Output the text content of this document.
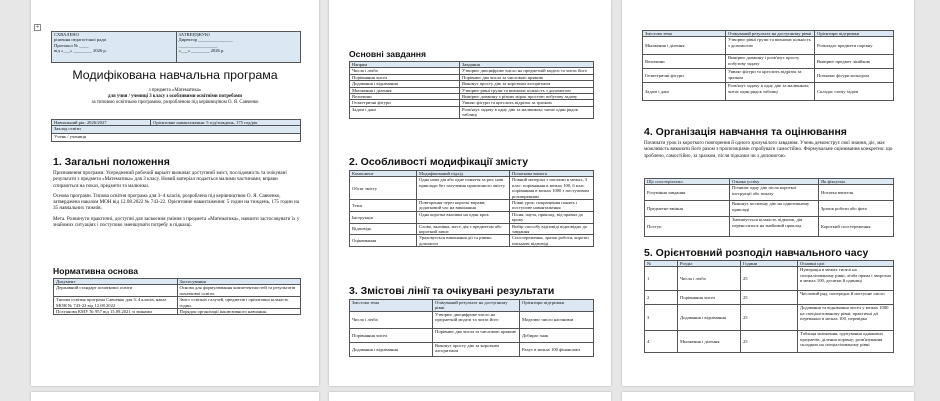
+
СХВАЛЕНО
рішення педагогічної ради
Протокол № ____
від «___» ________ 2026 р.

ЗАТВЕРДЖУЮ
Директор _______________
_________________
«___» ________ 2026 р.
Модифікована навчальна програма
з предмета «Математика»
для учня / учениці 3 класу з особливими освітніми потребами
за типовою освітньою програмою, розробленою під керівництвом О. Я. Савченко
Навчальний рік: 2026/2027	Орієнтовне навантаження: 5 год/тиждень, 175 год/рік
Заклад освіти
Учень / учениця
1. Загальні положення

Призначення програми. Усереднений робочий варіант визначає доступний зміст, послідовність та очікувані результати з предмета «Математика» для 3 класу. Новий матеріал подається малими частинами; вправи спираються на показ, предмети та малюнки.

Основа програми. Типова освітня програма для 3–4 класів, розроблена під керівництвом О. Я. Савченко, затверджена наказом МОН від 12.08.2022 № 743-22. Орієнтовне навантаження: 5 годин на тиждень, 175 годин на 35 навчальних тижнів.

Мета. Розвинути практичні, доступні для засвоєння уміння з предмета «Математика», навчити застосовувати їх у знайомих ситуаціях і поступово зменшувати потребу в підказці.

Нормативна основа
Документ	Застосування
Державний стандарт початкової освіти	Основа для формулювання компетентностей та результатів початкової освіти.
Типова освітня програма Савченко для 3–4 класів, наказ МОН № 743-22 від 12.08.2022	Зміст освітніх галузей, предметів і орієнтовна кількість годин.
Постанова КМУ № 957 від 15.09.2021 зі змінами	Порядок організації інклюзивного навчання.
Основні завдання
Напрям	Завдання
Числа і лічба	Утворює двоцифрове число на предметній моделі та читає його
Порівняння чисел	Порівнює два числа за числовою прямою
Додавання і віднімання	Виконує просту дію за коротким алгоритмом
Множення і ділення	Утворює рівні групи та визначає кількість з допомогою
Величини	Вимірює довжину з різних мірок простою побутову задачу
Геометричні фігури	Уявляє фігури та креслить відрізок за зразком
Задачі і дані	Розв'язує задачу в одну дію за малюнком; читає один рядок таблиці
2. Особливості модифікації змісту
Компонент	Модифікований підхід	Початкова вимога
Обсяг змісту	Одна нова дія або одне поняття за раз; нові приклади без залучення практичного змісту	Повний матеріал з числами в межах, 3 клас: порівняння в межах 100, 6 клас порівняння в межах 1000 з поступовим розширенням
Темп	Повторення через короткі вправи; додатковий час на виконання	Повні урок; покращення понять і поступове навантаження
Інструкція	Одна коротка вказівка на один крок	Пісня, пауза, приклад, від правил до кроку
Відповідь	Слово, вказівка, жест, дія з предметом або короткий запис	Вибір способу відповіді відповідно до завдання
Оцінювання	Ураховується виконання дії та рівень допомоги	Спостереження, зразок роботи, короткі письмові відповіді
3. Змістові лінії та очікувані результати
Змістова тема	Очікуваний результат на доступному рівні	Орієнтири підтримки
Числа і лічба	Утворює двоцифрове число на предметній моделі та читає його	Моделює число наочними
Порівняння чисел	Порівнює два числа за числовою прямою	Добирає знак
Додавання і віднімання	Виконує просту дію за коротким алгоритмом	Рахує в межах 100 фінансами
Змістова тема	Очікуваний результат на доступному рівні	Орієнтири підтримки
Множення і ділення	Утворює рівні групи та визначає кількість з допомогою	Розкладає предмети порівну
Величини	Вимірює довжину і розв'язує просту побутову задачу	Вимірює предмет лінійкою
Геометричні фігури	Уявляє фігури та креслить відрізок за зразком	Позначає фігури кольором
Задачі і дані	Розв'язує задачу в одну дію за малюнком; читає один рядок таблиці	Складає схему задачі
4. Організація навчання та оцінювання

Починати урок із короткого повторення й одного зрозумілого завдання. Учень демонструє свої знання, діє, має можливість виконати його разом з пропозиціями спробувати самостійно. Формувальне оцінювання конкретно: що зроблено, самостійно, за зразком, після підказки чи з допомогою.

Що спостерігаємо	Ознака успіху	Як фіксуємо
Розуміння завдання	Починає одну дію після короткої інструкції або показу	Нотатка вчителя
Предметне вміння	Виконує посильну дію на однотипному прикладі	Зразок роботи або фото
Поступ	Зменшується кількість підказок, дія переноситься на знайомий приклад	Короткий спостереження
5. Орієнтовний розподіл навчального часу
№	Розділ	Години	Основні цілі
1	Числа і лічба	25	Нумерація в межах тисячі на спеціалізованому рівні, лічба пряма і зворотна в межах 100, десятки й одиниці
2	Порівняння чисел	25	Числовий ряд, попереднє й наступне число
3	Додавання і віднімання	25	Додавання та віднімання чисел у межах 1000 на спеціалізованому рівні, практичні дії переважно в межах 100, перевірка
4	Множення і ділення	25	Таблиця множення, групування однакових предметів, ділення порівну; розв'язування складних на спеціалізованому рівні
